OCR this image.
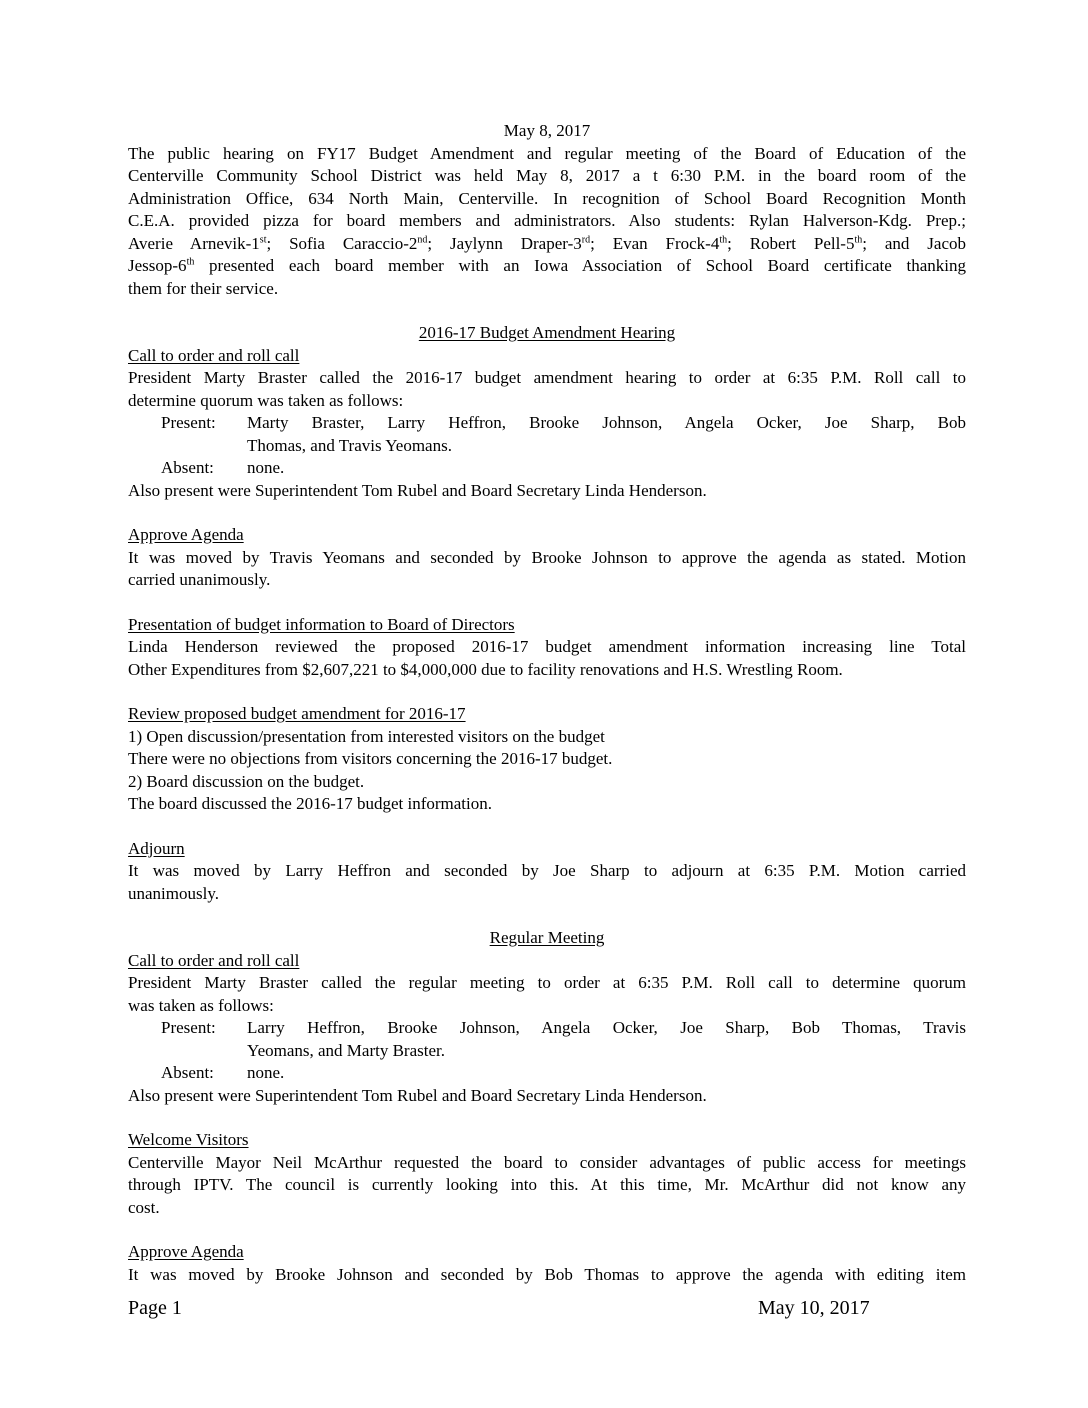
May 8, 2017
The public hearing on FY17 Budget Amendment and regular meeting of the Board of Education of the
Centerville Community School District was held May 8, 2017 a t 6:30 P.M. in the board room of the
Administration Office, 634 North Main, Centerville. In recognition of School Board Recognition Month
C.E.A. provided pizza for board members and administrators. Also students: Rylan Halverson-Kdg. Prep.;
Averie Arnevik-1st; Sofia Caraccio-2nd; Jaylynn Draper-3rd; Evan Frock-4th; Robert Pell-5th; and Jacob
Jessop-6th presented each board member with an Iowa Association of School Board certificate thanking
them for their service.
2016-17 Budget Amendment Hearing
Call to order and roll call
President Marty Braster called the 2016-17 budget amendment hearing to order at 6:35 P.M. Roll call to
determine quorum was taken as follows:
Present:	Marty Braster, Larry Heffron, Brooke Johnson, Angela Ocker, Joe Sharp, Bob
Thomas, and Travis Yeomans.
Absent:	none.
Also present were Superintendent Tom Rubel and Board Secretary Linda Henderson.
Approve Agenda
It was moved by Travis Yeomans and seconded by Brooke Johnson to approve the agenda as stated. Motion
carried unanimously.
Presentation of budget information to Board of Directors
Linda Henderson reviewed the proposed 2016-17 budget amendment information increasing line Total
Other Expenditures from $2,607,221 to $4,000,000 due to facility renovations and H.S. Wrestling Room.
Review proposed budget amendment for 2016-17
1) Open discussion/presentation from interested visitors on the budget
There were no objections from visitors concerning the 2016-17 budget.
2) Board discussion on the budget.
The board discussed the 2016-17 budget information.
Adjourn
It was moved by Larry Heffron and seconded by Joe Sharp to adjourn at 6:35 P.M. Motion carried
unanimously.
Regular Meeting
Call to order and roll call
President Marty Braster called the regular meeting to order at 6:35 P.M. Roll call to determine quorum
was taken as follows:
Present:	Larry Heffron, Brooke Johnson, Angela Ocker, Joe Sharp, Bob Thomas, Travis
Yeomans, and Marty Braster.
Absent:	none.
Also present were Superintendent Tom Rubel and Board Secretary Linda Henderson.
Welcome Visitors
Centerville Mayor Neil McArthur requested the board to consider advantages of public access for meetings
through IPTV. The council is currently looking into this. At this time, Mr. McArthur did not know any
cost.
Approve Agenda
It was moved by Brooke Johnson and seconded by Bob Thomas to approve the agenda with editing item
Page 1	May 10, 2017
